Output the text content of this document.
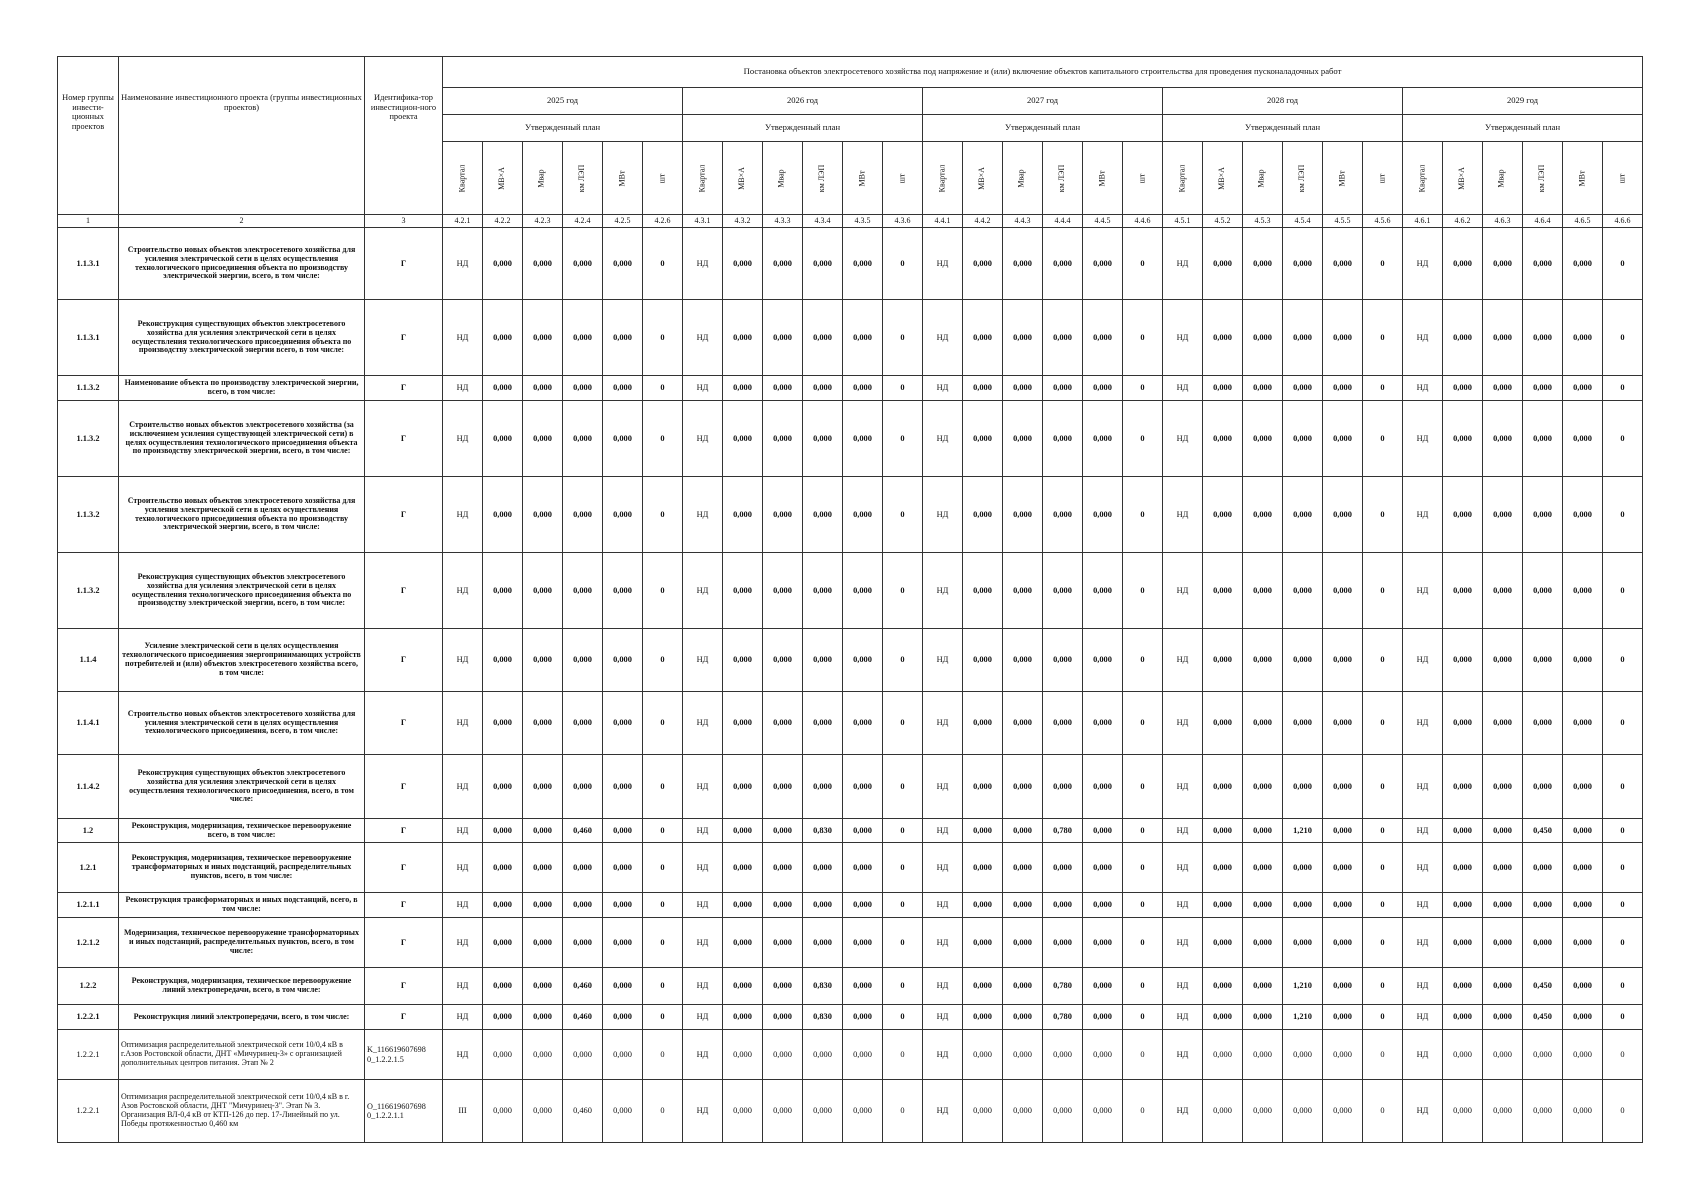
Номер группы инвести-ционных проектов	Наименование инвестиционного проекта (группы инвестиционных проектов)	Идентифика-тор инвестицион-ного проекта	Постановка объектов электросетевого хозяйства под напряжение и (или) включение объектов капитального строительства для проведения пусконаладочных работ																													
			2025 год						2026 год						2027 год						2028 год						2029 год					
			Утвержденный план						Утвержденный план						Утвержденный план						Утвержденный план						Утвержденный план					
			Квартал	МВ×А	Мвар	км ЛЭП	МВт	шт	Квартал	МВ×А	Мвар	км ЛЭП	МВт	шт	Квартал	МВ×А	Мвар	км ЛЭП	МВт	шт	Квартал	МВ×А	Мвар	км ЛЭП	МВт	шт	Квартал	МВ×А	Мвар	км ЛЭП	МВт	шт
1	2	3	4.2.1	4.2.2	4.2.3	4.2.4	4.2.5	4.2.6	4.3.1	4.3.2	4.3.3	4.3.4	4.3.5	4.3.6	4.4.1	4.4.2	4.4.3	4.4.4	4.4.5	4.4.6	4.5.1	4.5.2	4.5.3	4.5.4	4.5.5	4.5.6	4.6.1	4.6.2	4.6.3	4.6.4	4.6.5	4.6.6
1.1.3.1	Строительство новых объектов электросетевого хозяйства для усиления электрической сети в целях осуществления технологического присоединения объекта по производству электрической энергии, всего, в том числе:	Г	НД	0,000	0,000	0,000	0,000	0	НД	0,000	0,000	0,000	0,000	0	НД	0,000	0,000	0,000	0,000	0	НД	0,000	0,000	0,000	0,000	0	НД	0,000	0,000	0,000	0,000	0
1.1.3.1	Реконструкция существующих объектов электросетевого хозяйства для усиления электрической сети в целях осуществления технологического присоединения объекта по производству электрической энергии всего, в том числе:	Г	НД	0,000	0,000	0,000	0,000	0	НД	0,000	0,000	0,000	0,000	0	НД	0,000	0,000	0,000	0,000	0	НД	0,000	0,000	0,000	0,000	0	НД	0,000	0,000	0,000	0,000	0
1.1.3.2	Наименование объекта по производству электрической энергии, всего, в том числе:	Г	НД	0,000	0,000	0,000	0,000	0	НД	0,000	0,000	0,000	0,000	0	НД	0,000	0,000	0,000	0,000	0	НД	0,000	0,000	0,000	0,000	0	НД	0,000	0,000	0,000	0,000	0
1.1.3.2	Строительство новых объектов электросетевого хозяйства (за исключением усиления существующей электрической сети) в целях осуществления технологического присоединения объекта по производству электрической энергии, всего, в том числе:	Г	НД	0,000	0,000	0,000	0,000	0	НД	0,000	0,000	0,000	0,000	0	НД	0,000	0,000	0,000	0,000	0	НД	0,000	0,000	0,000	0,000	0	НД	0,000	0,000	0,000	0,000	0
1.1.3.2	Строительство новых объектов электросетевого хозяйства для усиления электрической сети в целях осуществления технологического присоединения объекта по производству электрической энергии, всего, в том числе:	Г	НД	0,000	0,000	0,000	0,000	0	НД	0,000	0,000	0,000	0,000	0	НД	0,000	0,000	0,000	0,000	0	НД	0,000	0,000	0,000	0,000	0	НД	0,000	0,000	0,000	0,000	0
1.1.3.2	Реконструкция существующих объектов электросетевого хозяйства для усиления электрической сети в целях осуществления технологического присоединения объекта по производству электрической энергии, всего, в том числе:	Г	НД	0,000	0,000	0,000	0,000	0	НД	0,000	0,000	0,000	0,000	0	НД	0,000	0,000	0,000	0,000	0	НД	0,000	0,000	0,000	0,000	0	НД	0,000	0,000	0,000	0,000	0
1.1.4	Усиление электрической сети в целях осуществления технологического присоединения энергопринимающих устройств потребителей и (или) объектов электросетевого хозяйства всего, в том числе:	Г	НД	0,000	0,000	0,000	0,000	0	НД	0,000	0,000	0,000	0,000	0	НД	0,000	0,000	0,000	0,000	0	НД	0,000	0,000	0,000	0,000	0	НД	0,000	0,000	0,000	0,000	0
1.1.4.1	Строительство новых объектов электросетевого хозяйства для усиления электрической сети в целях осуществления технологического присоединения, всего, в том числе:	Г	НД	0,000	0,000	0,000	0,000	0	НД	0,000	0,000	0,000	0,000	0	НД	0,000	0,000	0,000	0,000	0	НД	0,000	0,000	0,000	0,000	0	НД	0,000	0,000	0,000	0,000	0
1.1.4.2	Реконструкция существующих объектов электросетевого хозяйства для усиления электрической сети в целях осуществления технологического присоединения, всего, в том числе:	Г	НД	0,000	0,000	0,000	0,000	0	НД	0,000	0,000	0,000	0,000	0	НД	0,000	0,000	0,000	0,000	0	НД	0,000	0,000	0,000	0,000	0	НД	0,000	0,000	0,000	0,000	0
1.2	Реконструкция, модернизация, техническое перевооружение всего, в том числе:	Г	НД	0,000	0,000	0,460	0,000	0	НД	0,000	0,000	0,830	0,000	0	НД	0,000	0,000	0,780	0,000	0	НД	0,000	0,000	1,210	0,000	0	НД	0,000	0,000	0,450	0,000	0
1.2.1	Реконструкция, модернизация, техническое перевооружение трансформаторных и иных подстанций, распределительных пунктов, всего, в том числе:	Г	НД	0,000	0,000	0,000	0,000	0	НД	0,000	0,000	0,000	0,000	0	НД	0,000	0,000	0,000	0,000	0	НД	0,000	0,000	0,000	0,000	0	НД	0,000	0,000	0,000	0,000	0
1.2.1.1	Реконструкция трансформаторных и иных подстанций, всего, в том числе:	Г	НД	0,000	0,000	0,000	0,000	0	НД	0,000	0,000	0,000	0,000	0	НД	0,000	0,000	0,000	0,000	0	НД	0,000	0,000	0,000	0,000	0	НД	0,000	0,000	0,000	0,000	0
1.2.1.2	Модернизация, техническое перевооружение трансформаторных и иных подстанций, распределительных пунктов, всего, в том числе:	Г	НД	0,000	0,000	0,000	0,000	0	НД	0,000	0,000	0,000	0,000	0	НД	0,000	0,000	0,000	0,000	0	НД	0,000	0,000	0,000	0,000	0	НД	0,000	0,000	0,000	0,000	0
1.2.2	Реконструкция, модернизация, техническое перевооружение линий электропередачи, всего, в том числе:	Г	НД	0,000	0,000	0,460	0,000	0	НД	0,000	0,000	0,830	0,000	0	НД	0,000	0,000	0,780	0,000	0	НД	0,000	0,000	1,210	0,000	0	НД	0,000	0,000	0,450	0,000	0
1.2.2.1	Реконструкция линий электропередачи, всего, в том числе:	Г	НД	0,000	0,000	0,460	0,000	0	НД	0,000	0,000	0,830	0,000	0	НД	0,000	0,000	0,780	0,000	0	НД	0,000	0,000	1,210	0,000	0	НД	0,000	0,000	0,450	0,000	0
1.2.2.1	Оптимизация распределительной электрической сети 10/0,4 кВ в г.Азов Ростовской области, ДНТ «Мичуринец-3» с организацией дополнительных центров питания. Этап № 2	K_116619607698 0_1.2.2.1.5	НД	0,000	0,000	0,000	0,000	0	НД	0,000	0,000	0,000	0,000	0	НД	0,000	0,000	0,000	0,000	0	НД	0,000	0,000	0,000	0,000	0	НД	0,000	0,000	0,000	0,000	0
1.2.2.1	Оптимизация распределительной электрической сети 10/0,4 кВ в г. Азов Ростовской области, ДНТ "Мичуринец-3". Этап № 3. Организация ВЛ-0,4 кВ от КТП-126 до пер. 17-Линейный по ул. Победы протяженностью 0,460 км	O_116619607698 0_1.2.2.1.1	III	0,000	0,000	0,460	0,000	0	НД	0,000	0,000	0,000	0,000	0	НД	0,000	0,000	0,000	0,000	0	НД	0,000	0,000	0,000	0,000	0	НД	0,000	0,000	0,000	0,000	0
